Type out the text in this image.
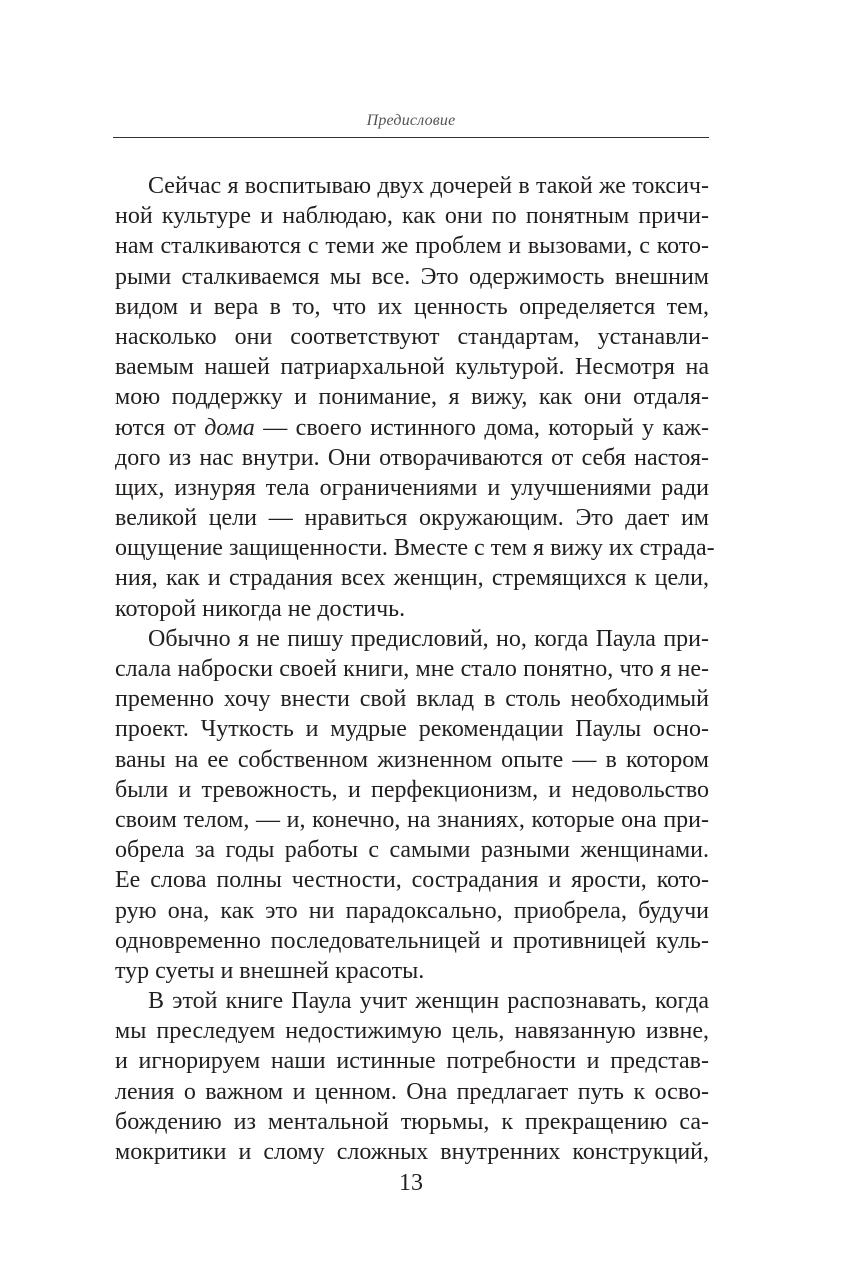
Предисловие
Сейчас я воспитываю двух дочерей в такой же токсич-
ной культуре и наблюдаю, как они по понятным причи-
нам сталкиваются с теми же проблем и вызовами, с кото-
рыми сталкиваемся мы все. Это одержимость внешним
видом и вера в то, что их ценность определяется тем,
насколько они соответствуют стандартам, устанавли-
ваемым нашей патриархальной культурой. Несмотря на
мою поддержку и понимание, я вижу, как они отдаля-
ются от дома — своего истинного дома, который у каж-
дого из нас внутри. Они отворачиваются от себя настоя-
щих, изнуряя тела ограничениями и улучшениями ради
великой цели — нравиться окружающим. Это дает им
ощущение защищенности. Вместе с тем я вижу их страда-
ния, как и страдания всех женщин, стремящихся к цели,
которой никогда не достичь.
Обычно я не пишу предисловий, но, когда Паула при-
слала наброски своей книги, мне стало понятно, что я не-
пременно хочу внести свой вклад в столь необходимый
проект. Чуткость и мудрые рекомендации Паулы осно-
ваны на ее собственном жизненном опыте — в котором
были и тревожность, и перфекционизм, и недовольство
своим телом, — и, конечно, на знаниях, которые она при-
обрела за годы работы с самыми разными женщинами.
Ее слова полны честности, сострадания и ярости, кото-
рую она, как это ни парадоксально, приобрела, будучи
одновременно последовательницей и противницей куль-
тур суеты и внешней красоты.
В этой книге Паула учит женщин распознавать, когда
мы преследуем недостижимую цель, навязанную извне,
и игнорируем наши истинные потребности и представ-
ления о важном и ценном. Она предлагает путь к осво-
бождению из ментальной тюрьмы, к прекращению са-
мокритики и слому сложных внутренних конструкций,
13
